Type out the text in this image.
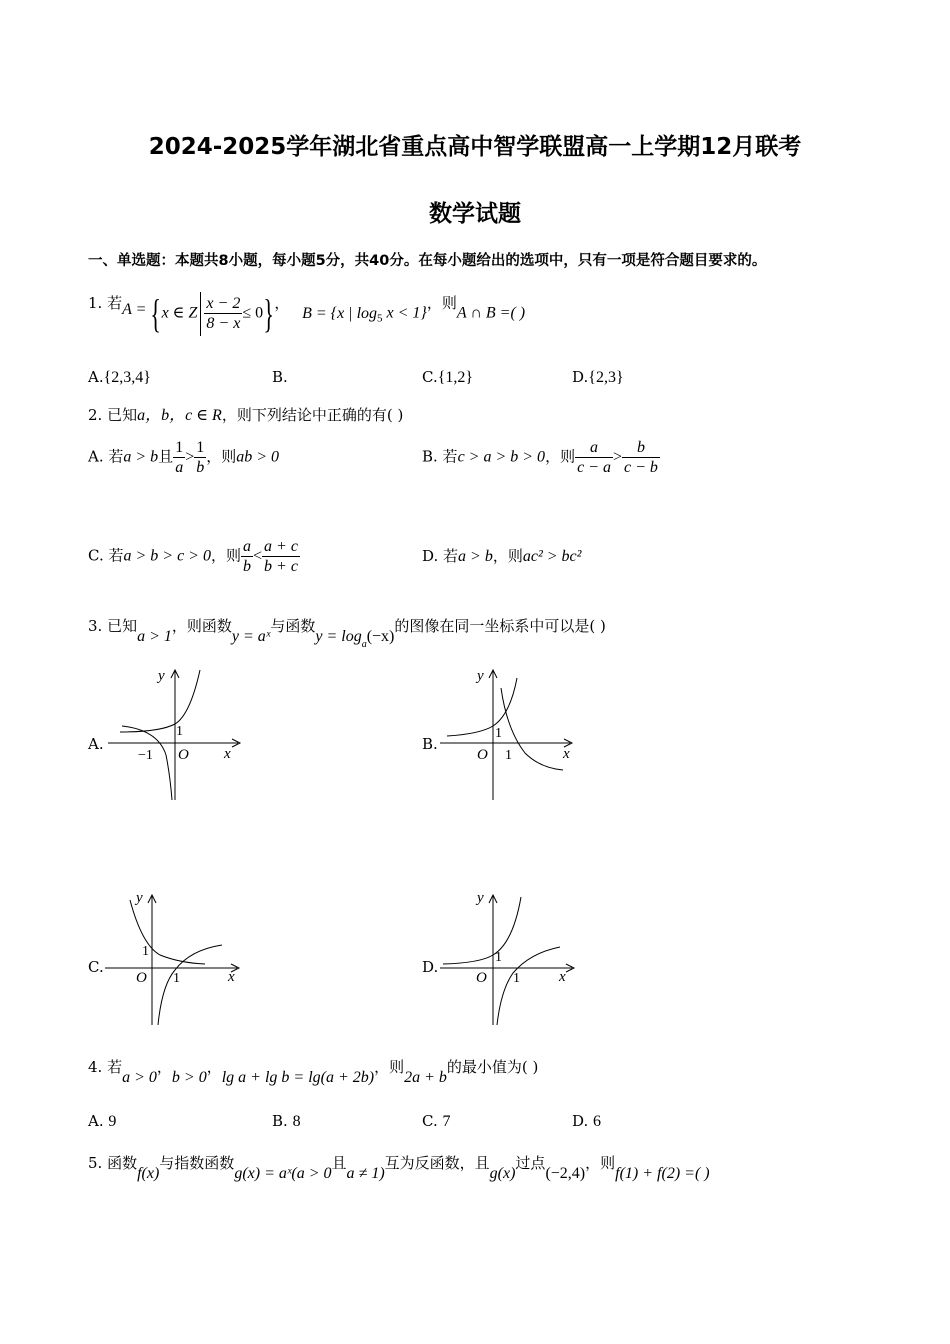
2024-2025学年湖北省重点高中智学联盟高一上学期12月联考
数学试题
一、单选题：本题共8小题，每小题5分，共40分。在每小题给出的选项中，只有一项是符合题目要求的。
1. 若A = {x ∈ Z $\frac{x - 2}{8 - x} \le 0$}， B = {x | $\log_5 x < 1$}，则A ∩ B =( )
A.{2,3,4}	B.	C.{1,2}	D.{2,3}
2. 已知a，b，c ∈ R，则下列结论中正确的有( )
A. 若a > b且 $\frac{1}{a} > \frac{1}{b}$ ，则ab > 0	B. 若c > a > b > 0，则 $\frac{a}{c - a} > \frac{b}{c - b}$
C. 若a > b > c > 0，则 $\frac{a}{b} < \frac{a + c}{b + c}$	D. 若a > b，则ac² > bc²
3. 已知a > 1，则函数y = aˣ与函数$y = \log_a(-x)$的图像在同一坐标系中可以是( )
A.
y
x
O
1
−1
B.
y
x
O
1
1
C.
y
x
O
1
1
D.
y
x
O
1
1
4. 若a > 0，b > 0，lg a + lg b = lg(a + 2b)，则2a + b的最小值为( )
A. 9	B. 8	C. 7	D. 6
5. 函数f(x)与指数函数g(x) = aˣ(a > 0且a ≠ 1)互为反函数，且g(x)过点(−2,4)，则f(1) + f(2) =( )
